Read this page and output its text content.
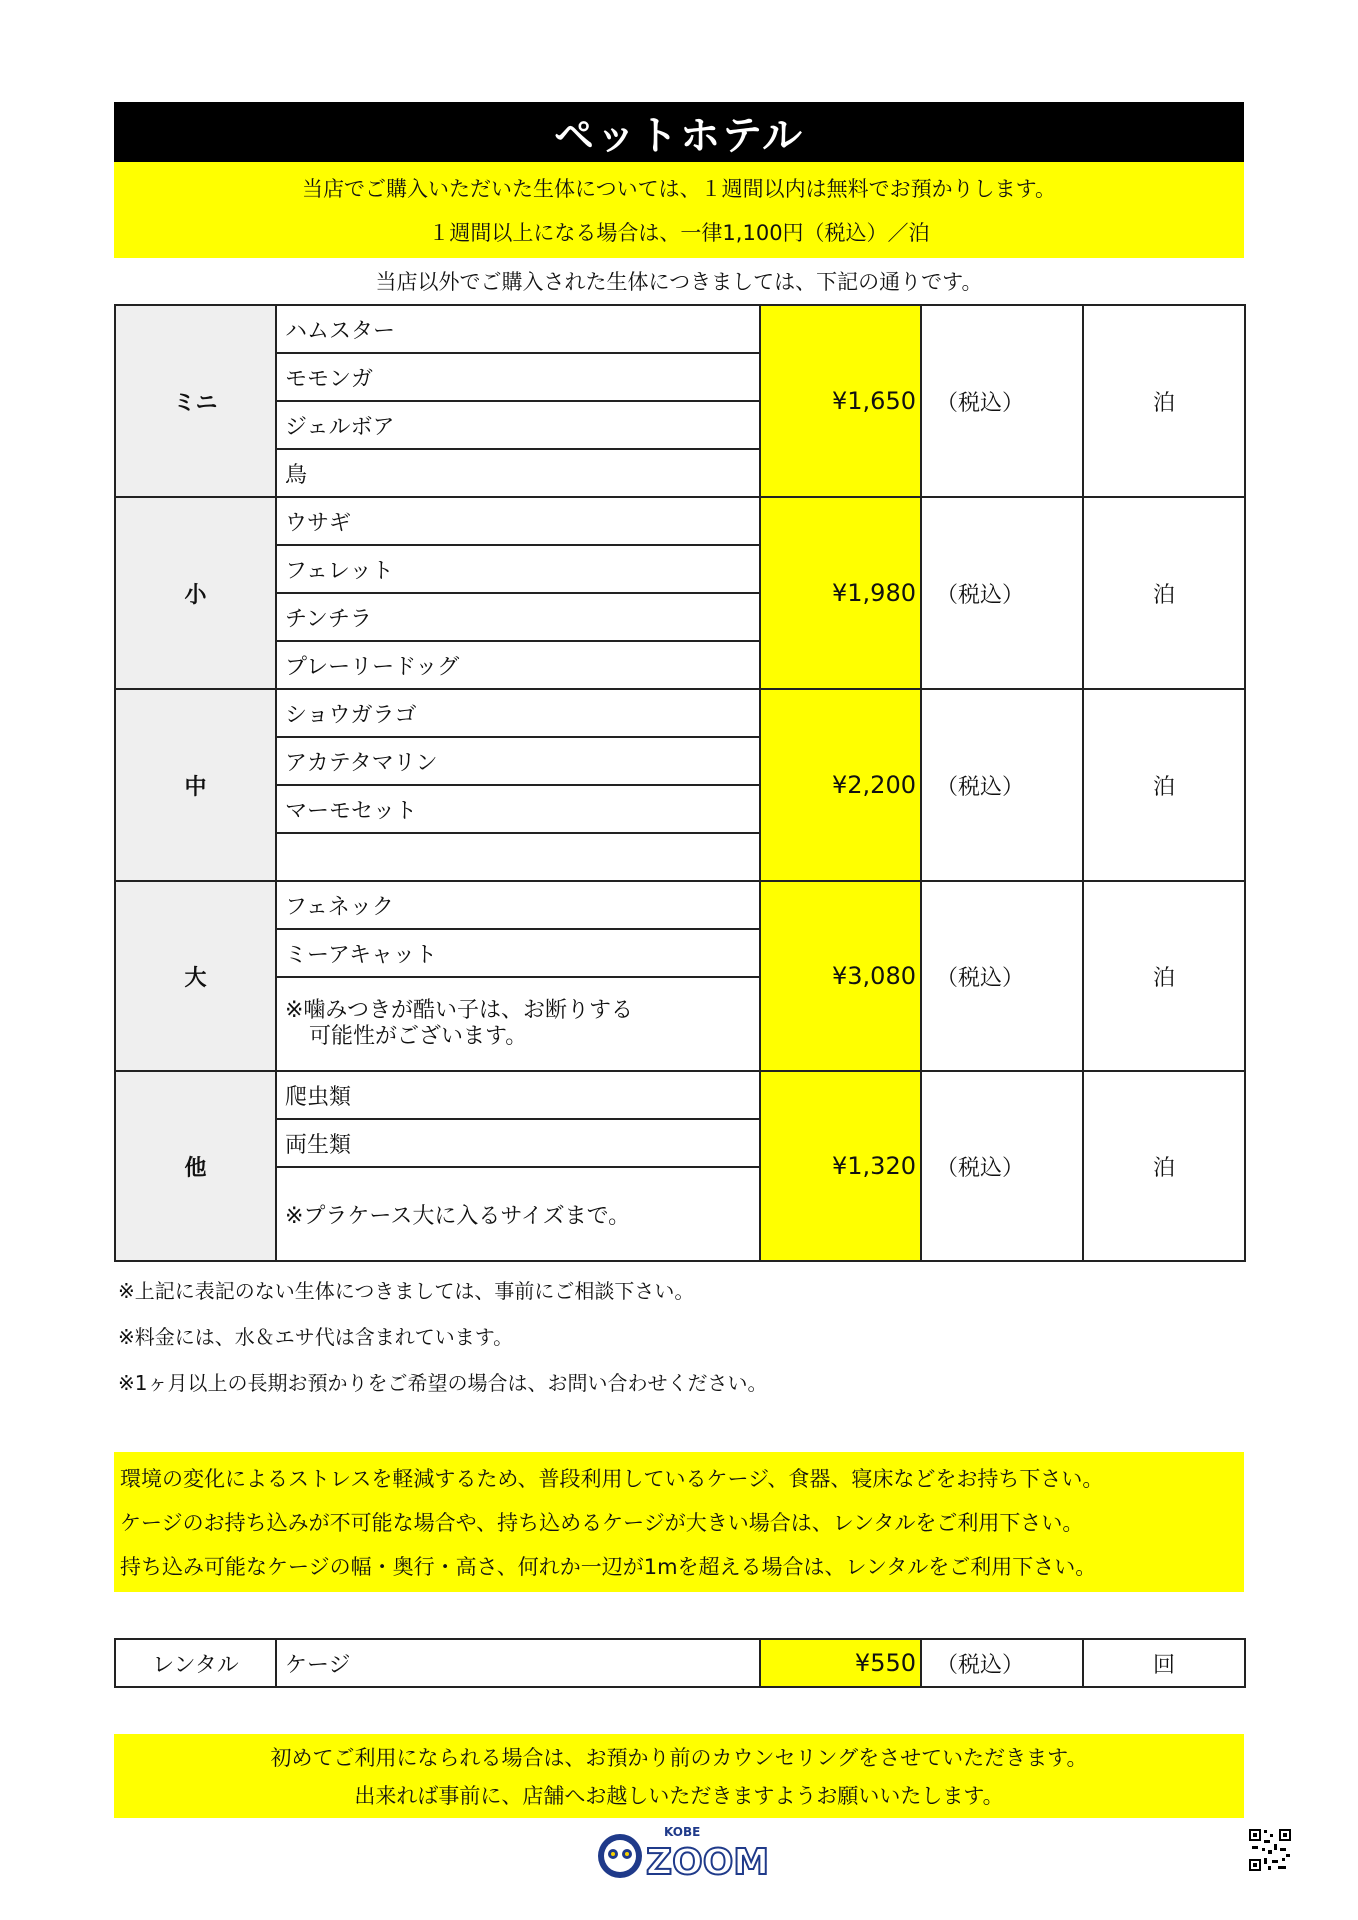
ペットホテル
当店でご購入いただいた生体については、１週間以内は無料でお預かりします。
１週間以上になる場合は、一律1,100円（税込）／泊
当店以外でご購入された生体につきましては、下記の通りです。
ミニ	ハムスター	¥1,650	（税込）	泊
	モモンガ			
	ジェルボア			
	鳥			
小	ウサギ	¥1,980	（税込）	泊
	フェレット			
	チンチラ			
	プレーリードッグ			
中	ショウガラゴ	¥2,200	（税込）	泊
	アカテタマリン			
	マーモセット			

大	フェネック	¥3,080	（税込）	泊
	ミーアキャット			

	※噛みつきが酷い子は、お断りする
可能性がございます。			

他	爬虫類	¥1,320	（税込）	泊
	両生類			
	※プラケース大に入るサイズまで。			
※上記に表記のない生体につきましては、事前にご相談下さい。
※料金には、水＆エサ代は含まれています。
※1ヶ月以上の長期お預かりをご希望の場合は、お問い合わせください。
環境の変化によるストレスを軽減するため、普段利用しているケージ、食器、寝床などをお持ち下さい。
ケージのお持ち込みが不可能な場合や、持ち込めるケージが大きい場合は、レンタルをご利用下さい。
持ち込み可能なケージの幅・奥行・高さ、何れか一辺が1mを超える場合は、レンタルをご利用下さい。
レンタル	ケージ	¥550	（税込）	回
初めてご利用になられる場合は、お預かり前のカウンセリングをさせていただきます。
出来れば事前に、店舗へお越しいただきますようお願いいたします。
KOBE
ZOOM
